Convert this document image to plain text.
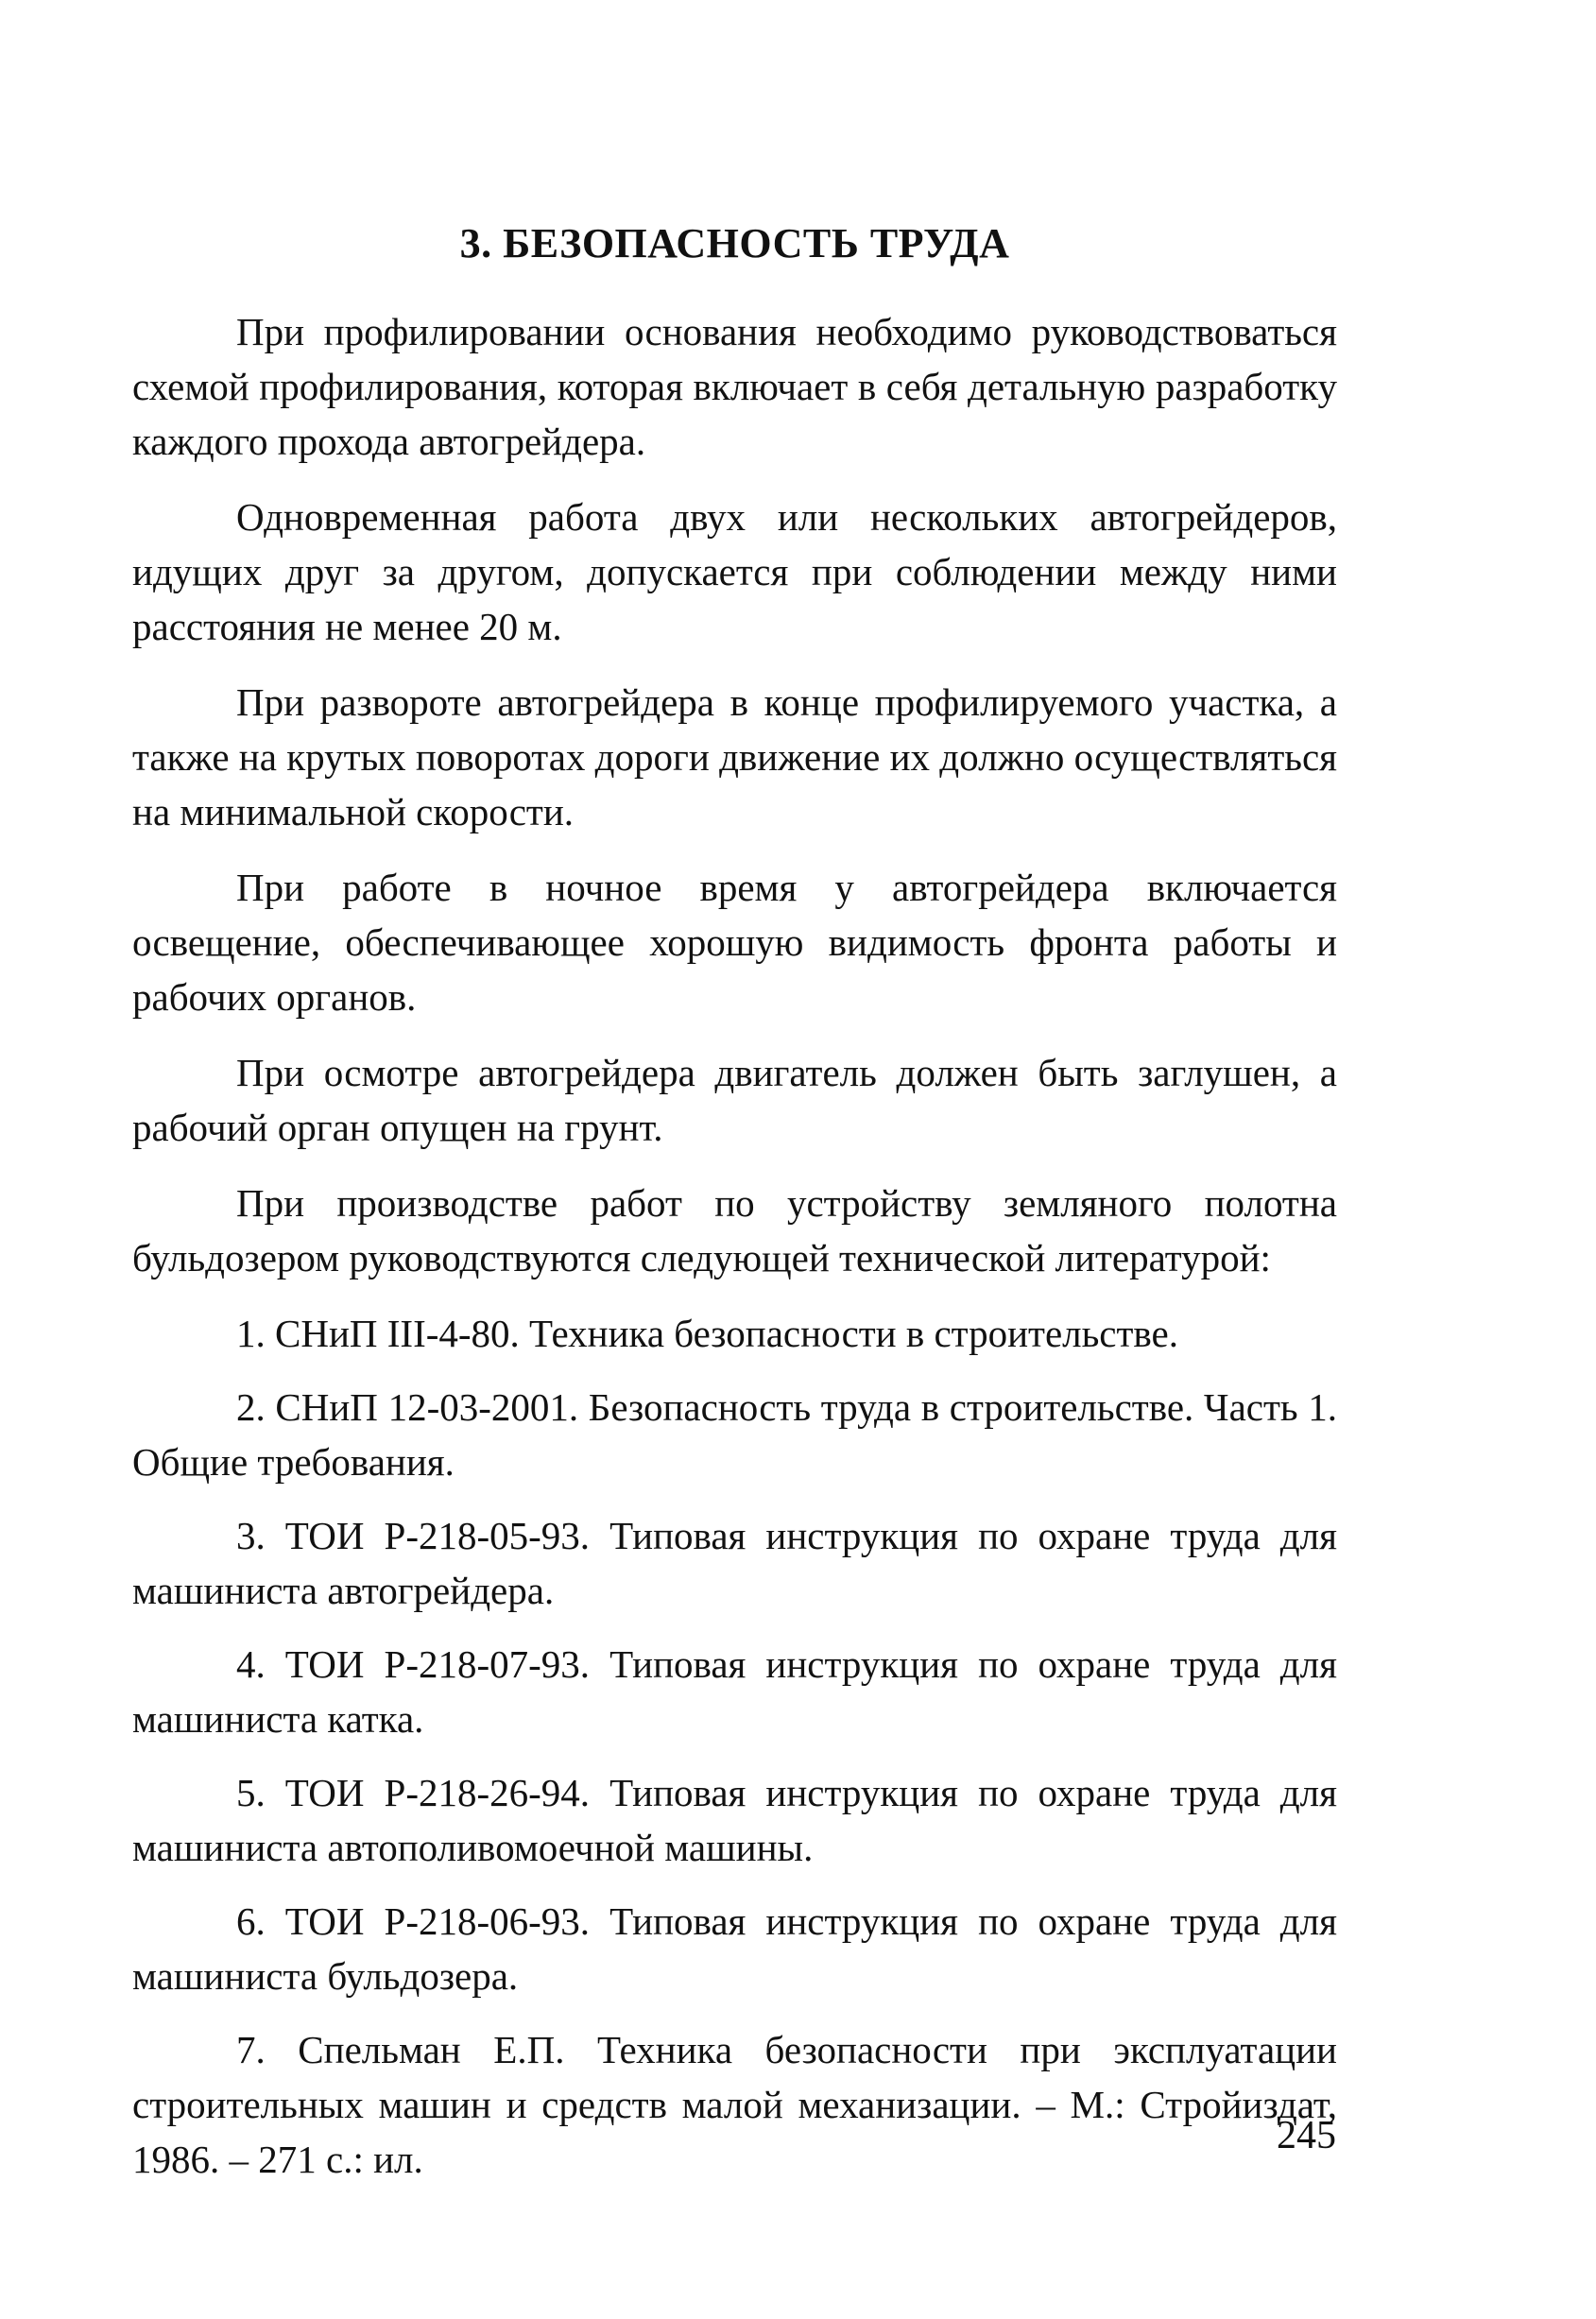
3. БЕЗОПАСНОСТЬ ТРУДА

При профилировании основания необходимо руководствоваться схемой профилирования, которая включает в себя детальную разработку каждого прохода автогрейдера.

Одновременная работа двух или нескольких автогрейдеров, идущих друг за другом, допускается при соблюдении между ними расстояния не менее 20 м.

При развороте автогрейдера в конце профилируемого участка, а также на крутых поворотах дороги движение их должно осуществляться на минимальной скорости.

При работе в ночное время у автогрейдера включается освещение, обеспечивающее хорошую видимость фронта работы и рабочих органов.

При осмотре автогрейдера двигатель должен быть заглушен, а рабочий орган опущен на грунт.

При производстве работ по устройству земляного полотна бульдозером руководствуются следующей технической литературой:

1. СНиП III-4-80. Техника безопасности в строительстве.

2. СНиП 12-03-2001. Безопасность труда в строительстве. Часть 1. Общие требования.

3. ТОИ Р-218-05-93. Типовая инструкция по охране труда для машиниста автогрейдера.

4. ТОИ Р-218-07-93. Типовая инструкция по охране труда для машиниста катка.

5. ТОИ Р-218-26-94. Типовая инструкция по охране труда для машиниста автополивомоечной машины.

6. ТОИ Р-218-06-93. Типовая инструкция по охране труда для машиниста бульдозера.

7. Спельман Е.П. Техника безопасности при эксплуатации строительных машин и средств малой механизации. – М.: Стройиздат, 1986. – 271 с.: ил.

245
